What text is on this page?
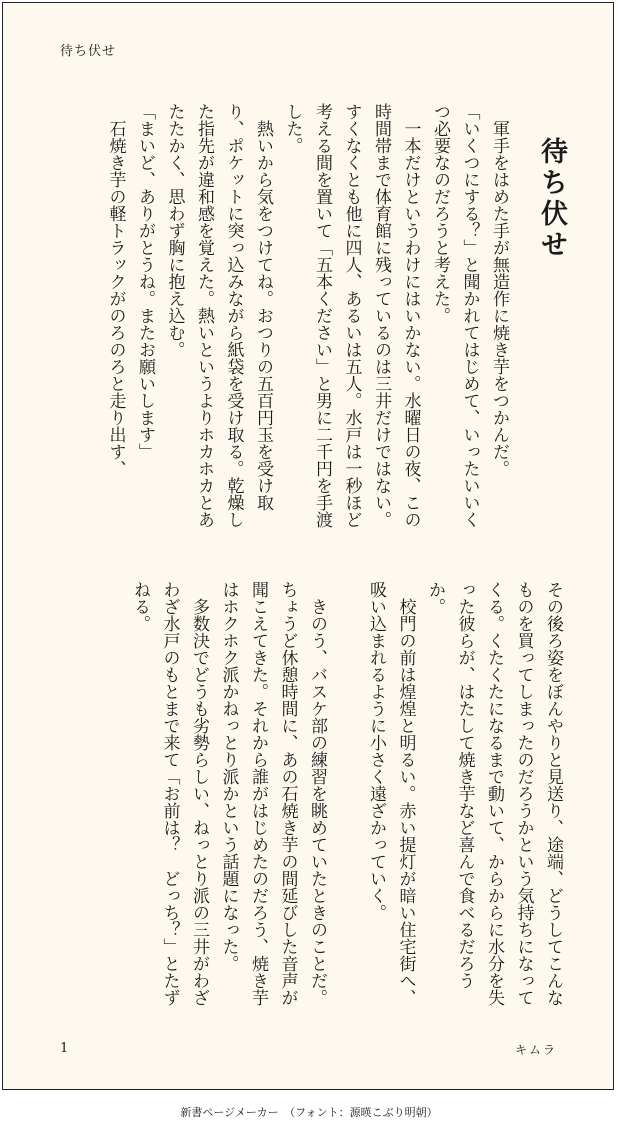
待ち伏せ
待ち伏せ

　軍手をはめた手が無造作に焼き芋をつかんだ。

「いくつにする？」と聞かれてはじめて、いったいいくつ必要なのだろうと考えた。

　一本だけというわけにはいかない。水曜日の夜、この時間帯まで体育館に残っているのは三井だけではない。すくなくとも他に四人、あるいは五人。水戸は一秒ほど考える間を置いて「五本ください」と男に二千円を手渡した。

　熱いから気をつけてね。おつりの五百円玉を受け取り、ポケットに突っ込みながら紙袋を受け取る。乾燥した指先が違和感を覚えた。熱いというよりホカホカとあたたかく、思わず胸に抱え込む。

「まいど、ありがとうね。またお願いします」

　石焼き芋の軽トラックがのろのろと走り出す、

その後ろ姿をぼんやりと見送り、途端、どうしてこんなものを買ってしまったのだろうかという気持ちになってくる。くたくたになるまで動いて、からからに水分を失った彼らが、はたして焼き芋など喜んで食べるだろうか。

　校門の前は煌煌と明るい。赤い提灯が暗い住宅街へ、吸い込まれるように小さく遠ざかっていく。

　きのう、バスケ部の練習を眺めていたときのことだ。ちょうど休憩時間に、あの石焼き芋の間延びした音声が聞こえてきた。それから誰がはじめたのだろう、焼き芋はホクホク派かねっとり派かという話題になった。

　多数決でどうも劣勢らしい、ねっとり派の三井がわざわざ水戸のもとまで来て「お前は？　どっち？」とたずねる。

1	キムラ
新書ページメーカー　（フォント：源暎こぶり明朝）
